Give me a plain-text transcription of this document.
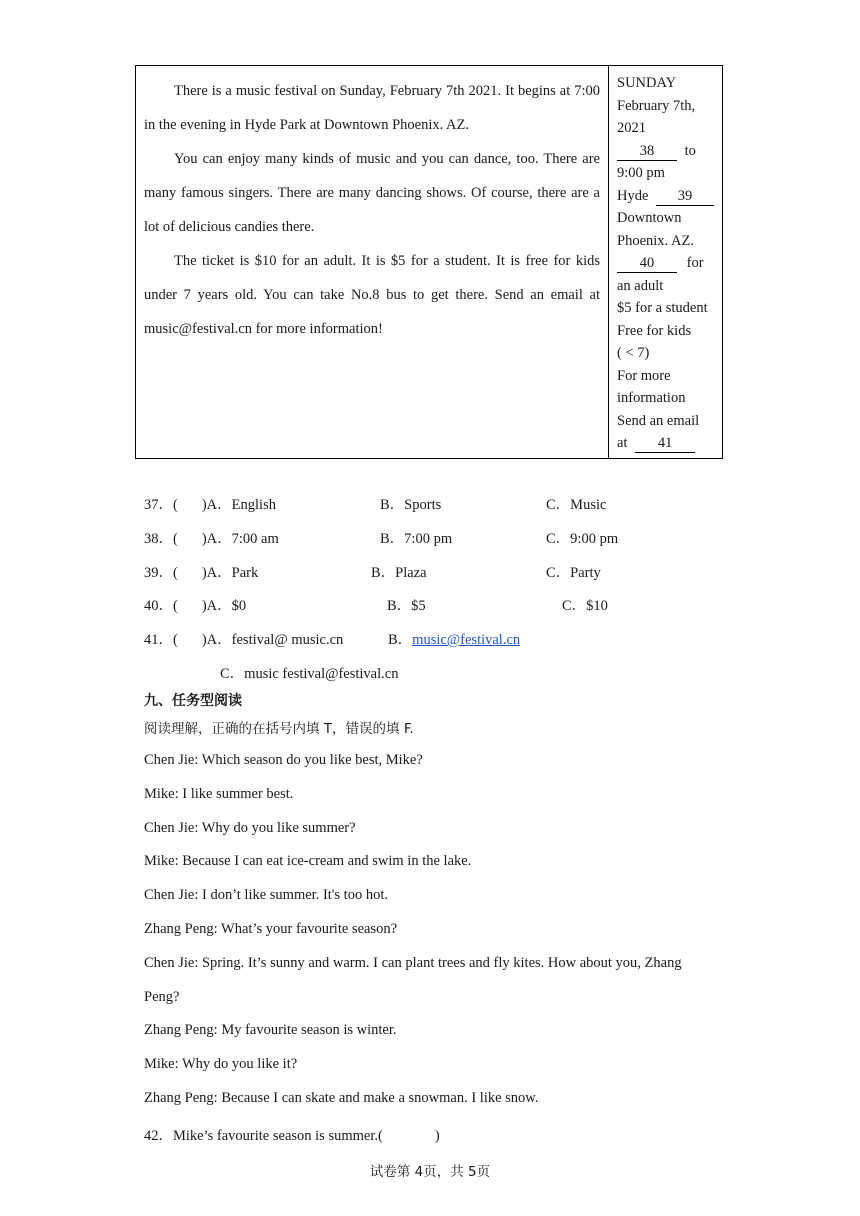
There is a music festival on Sunday, February 7th 2021. It begins at 7:00 in the evening in Hyde Park at Downtown Phoenix. AZ.

You can enjoy many kinds of music and you can dance, too. There are many famous singers. There are many dancing shows. Of course, there are a lot of delicious candies there.

The ticket is $10 for an adult. It is $5 for a student. It is free for kids under 7 years old. You can take No.8 bus to get there. Send an email at music@festival.cn for more information!

SUNDAY
February 7th,
2021
38 to
9:00 pm
Hyde 39
Downtown
Phoenix. AZ.
40 for
an adult
$5 for a student
Free for kids
( < 7)
For more
information
Send an email
at 41
37．( )A．English	B．Sports	C．Music
38．( )A．7:00 am	B．7:00 pm	C．9:00 pm
39．( )A．Park	B．Plaza	C．Party
40．( )A．$0	B．$5	C．$10
41．( )A．festival@ music.cn	B．music@festival.cn
C．music festival@festival.cn
九、任务型阅读
阅读理解，正确的在括号内填 T，错误的填 F.
Chen Jie: Which season do you like best, Mike?
Mike: I like summer best.
Chen Jie: Why do you like summer?
Mike: Because I can eat ice-cream and swim in the lake.
Chen Jie: I don’t like summer. It's too hot.
Zhang Peng: What’s your favourite season?
Chen Jie: Spring. It’s sunny and warm. I can plant trees and fly kites. How about you, Zhang
Peng?
Zhang Peng: My favourite season is winter.
Mike: Why do you like it?
Zhang Peng: Because I can skate and make a snowman. I like snow.
42．Mike’s favourite season is summer.(	)
试卷第 4页，共 5页
